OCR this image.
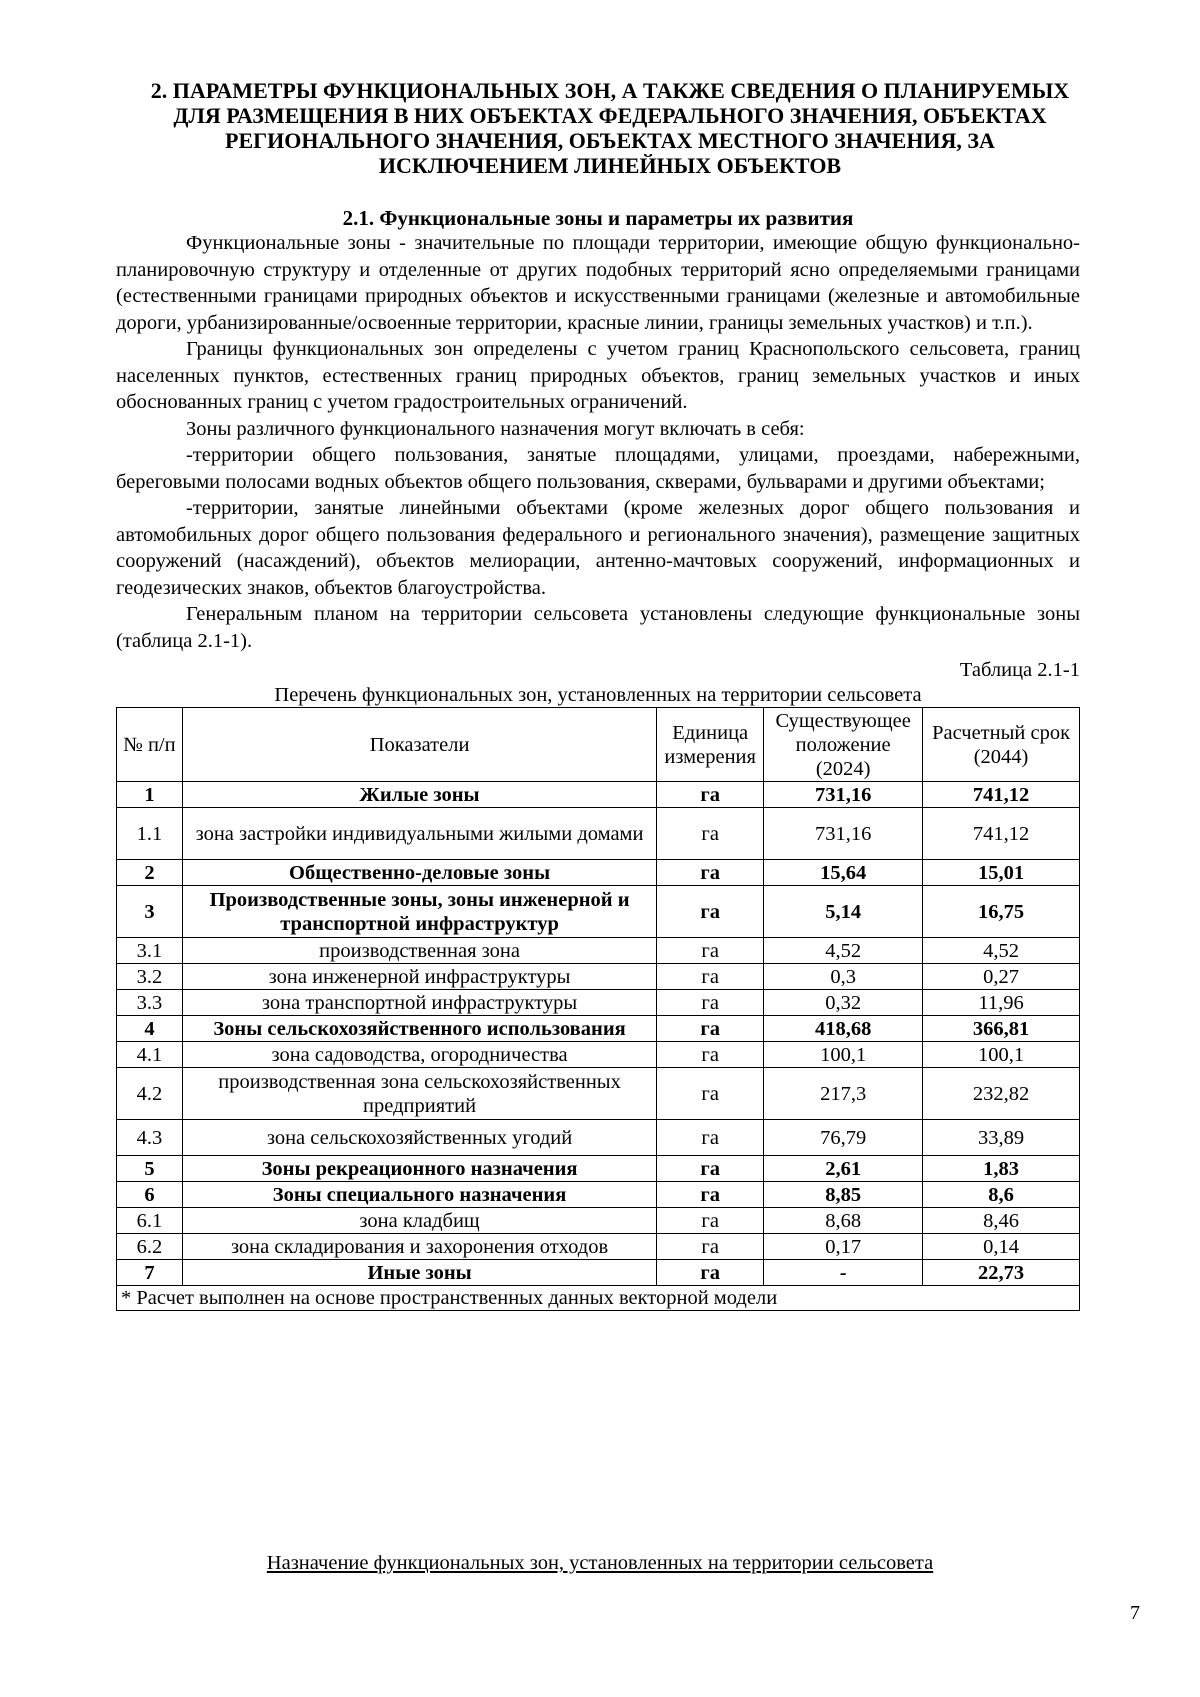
2. ПАРАМЕТРЫ ФУНКЦИОНАЛЬНЫХ ЗОН, А ТАКЖЕ СВЕДЕНИЯ О ПЛАНИРУЕМЫХ ДЛЯ РАЗМЕЩЕНИЯ В НИХ ОБЪЕКТАХ ФЕДЕРАЛЬНОГО ЗНАЧЕНИЯ, ОБЪЕКТАХ РЕГИОНАЛЬНОГО ЗНАЧЕНИЯ, ОБЪЕКТАХ МЕСТНОГО ЗНАЧЕНИЯ, ЗА ИСКЛЮЧЕНИЕМ ЛИНЕЙНЫХ ОБЪЕКТОВ
2.1. Функциональные зоны и параметры их развития

Функциональные зоны - значительные по площади территории, имеющие общую функционально-планировочную структуру и отделенные от других подобных территорий ясно определяемыми границами (естественными границами природных объектов и искусственными границами (железные и автомобильные дороги, урбанизированные/освоенные территории, красные линии, границы земельных участков) и т.п.).

Границы функциональных зон определены с учетом границ Краснопольского сельсовета, границ населенных пунктов, естественных границ природных объектов, границ земельных участков и иных обоснованных границ с учетом градостроительных ограничений.

Зоны различного функционального назначения могут включать в себя:

-территории общего пользования, занятые площадями, улицами, проездами, набережными, береговыми полосами водных объектов общего пользования, скверами, бульварами и другими объектами;

-территории, занятые линейными объектами (кроме железных дорог общего пользования и автомобильных дорог общего пользования федерального и регионального значения), размещение защитных сооружений (насаждений), объектов мелиорации, антенно-мачтовых сооружений, информационных и геодезических знаков, объектов благоустройства.

Генеральным планом на территории сельсовета установлены следующие функциональные зоны (таблица 2.1-1).

Таблица 2.1-1
Перечень функциональных зон, установленных на территории сельсовета
№ п/п	Показатели	Единица измерения	Существующее положение (2024)	Расчетный срок (2044)
1	Жилые зоны	га	731,16	741,12
1.1	зона застройки индивидуальными жилыми домами	га	731,16	741,12
2	Общественно-деловые зоны	га	15,64	15,01
3	Производственные зоны, зоны инженерной и транспортной инфраструктур	га	5,14	16,75
3.1	производственная зона	га	4,52	4,52
3.2	зона инженерной инфраструктуры	га	0,3	0,27
3.3	зона транспортной инфраструктуры	га	0,32	11,96
4	Зоны сельскохозяйственного использования	га	418,68	366,81
4.1	зона садоводства, огородничества	га	100,1	100,1
4.2	производственная зона сельскохозяйственных предприятий	га	217,3	232,82
4.3	зона сельскохозяйственных угодий	га	76,79	33,89
5	Зоны рекреационного назначения	га	2,61	1,83
6	Зоны специального назначения	га	8,85	8,6
6.1	зона кладбищ	га	8,68	8,46
6.2	зона складирования и захоронения отходов	га	0,17	0,14
7	Иные зоны	га	-	22,73
* Расчет выполнен на основе пространственных данных векторной модели				
Назначение функциональных зон, установленных на территории сельсовета
7
